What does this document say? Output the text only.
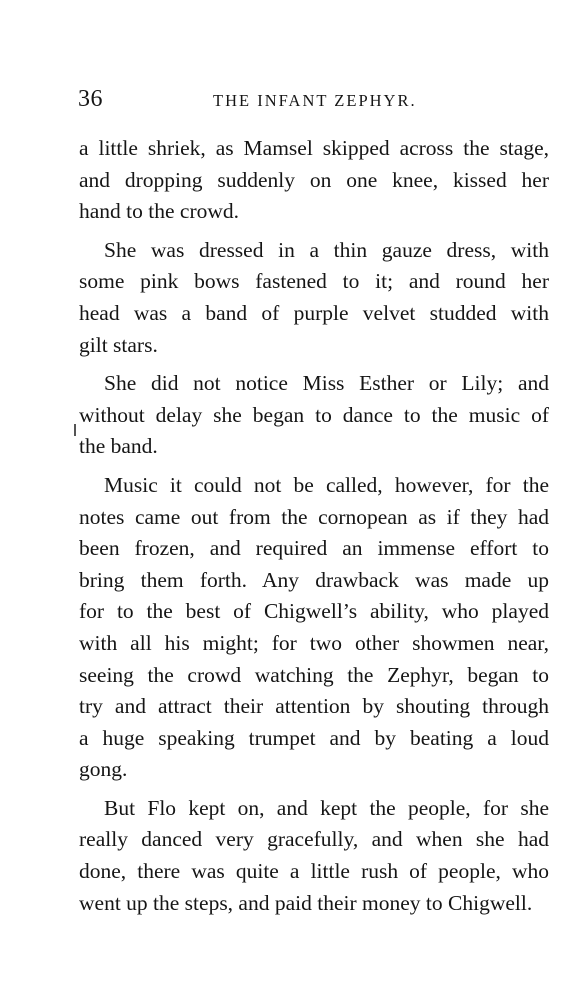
36	THE INFANT ZEPHYR.
a little shriek, as Mamsel skipped across the stage,
and dropping suddenly on one knee, kissed her
hand to the crowd.
She was dressed in a thin gauze dress, with
some pink bows fastened to it; and round her
head was a band of purple velvet studded with
gilt stars.
She did not notice Miss Esther or Lily; and
without delay she began to dance to the music of
the band.
Music it could not be called, however, for the
notes came out from the cornopean as if they had
been frozen, and required an immense effort to
bring them forth. Any drawback was made up
for to the best of Chigwell’s ability, who played
with all his might; for two other showmen near,
seeing the crowd watching the Zephyr, began to
try and attract their attention by shouting through
a huge speaking trumpet and by beating a loud
gong.
But Flo kept on, and kept the people, for she
really danced very gracefully, and when she had
done, there was quite a little rush of people, who
went up the steps, and paid their money to Chigwell.
